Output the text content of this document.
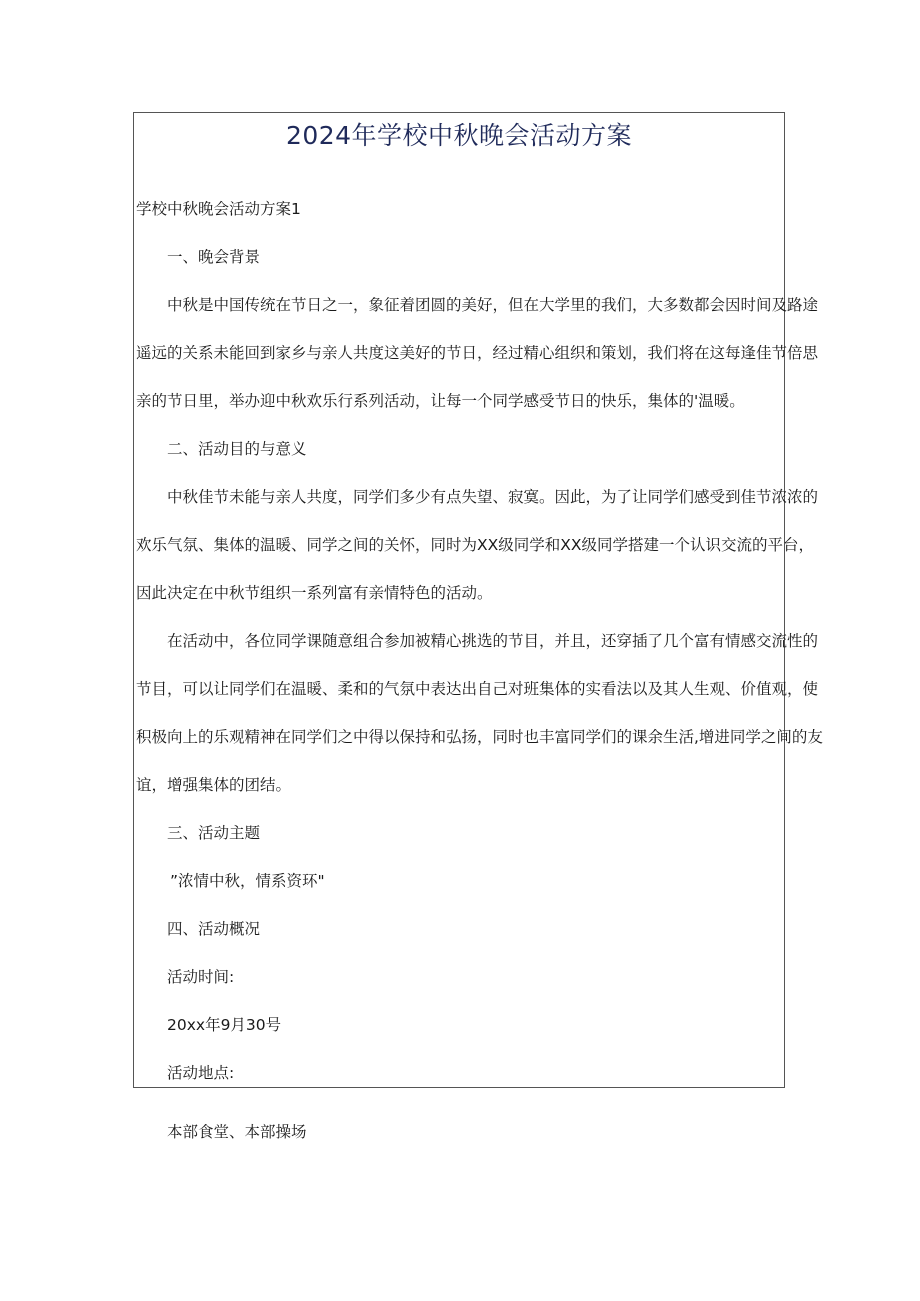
2024年学校中秋晚会活动方案
学校中秋晚会活动方案1
一、晚会背景
中秋是中国传统在节日之一，象征着团圆的美好，但在大学里的我们，大多数都会因时间及路途
遥远的关系未能回到家乡与亲人共度这美好的节日，经过精心组织和策划，我们将在这每逢佳节倍思
亲的节日里，举办迎中秋欢乐行系列活动，让每一个同学感受节日的快乐，集体的'温暖。
二、活动目的与意义
中秋佳节未能与亲人共度，同学们多少有点失望、寂寞。因此，为了让同学们感受到佳节浓浓的
欢乐气氛、集体的温暖、同学之间的关怀，同时为XX级同学和XX级同学搭建一个认识交流的平台，
因此决定在中秋节组织一系列富有亲情特色的活动。
在活动中，各位同学课随意组合参加被精心挑选的节目，并且，还穿插了几个富有情感交流性的
节目，可以让同学们在温暖、柔和的气氛中表达出自己对班集体的实看法以及其人生观、价值观，使
积极向上的乐观精神在同学们之中得以保持和弘扬，同时也丰富同学们的课余生活,增进同学之间的友
谊，增强集体的团结。
三、活动主题
”浓情中秋，情系资环"
四、活动概况
活动时间:
20xx年9月30号
活动地点:
本部食堂、本部操场
